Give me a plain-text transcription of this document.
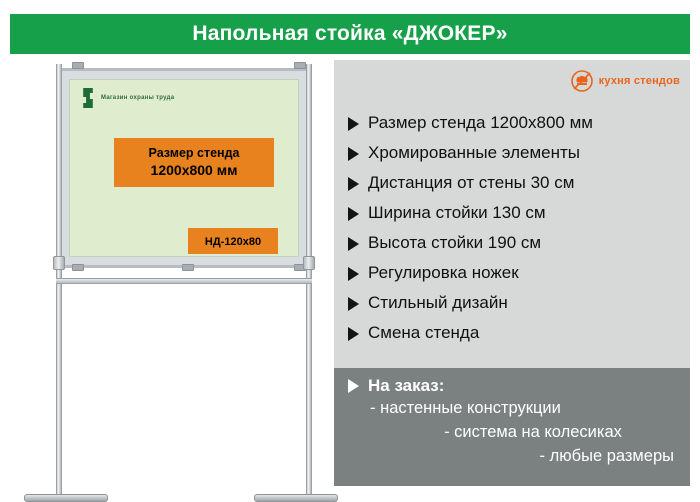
Напольная стойка «ДЖОКЕР»
Магазин охраны труда
Размер стенда
1200x800 мм
НД-120x80
кухня стендов
Размер стенда 1200x800 мм
Хромированные элементы
Дистанция от стены 30 см
Ширина стойки 130 см
Высота стойки 190 см
Регулировка ножек
Стильный дизайн
Смена стенда
На заказ:
- настенные конструкции
- система на колесиках
- любые размеры
